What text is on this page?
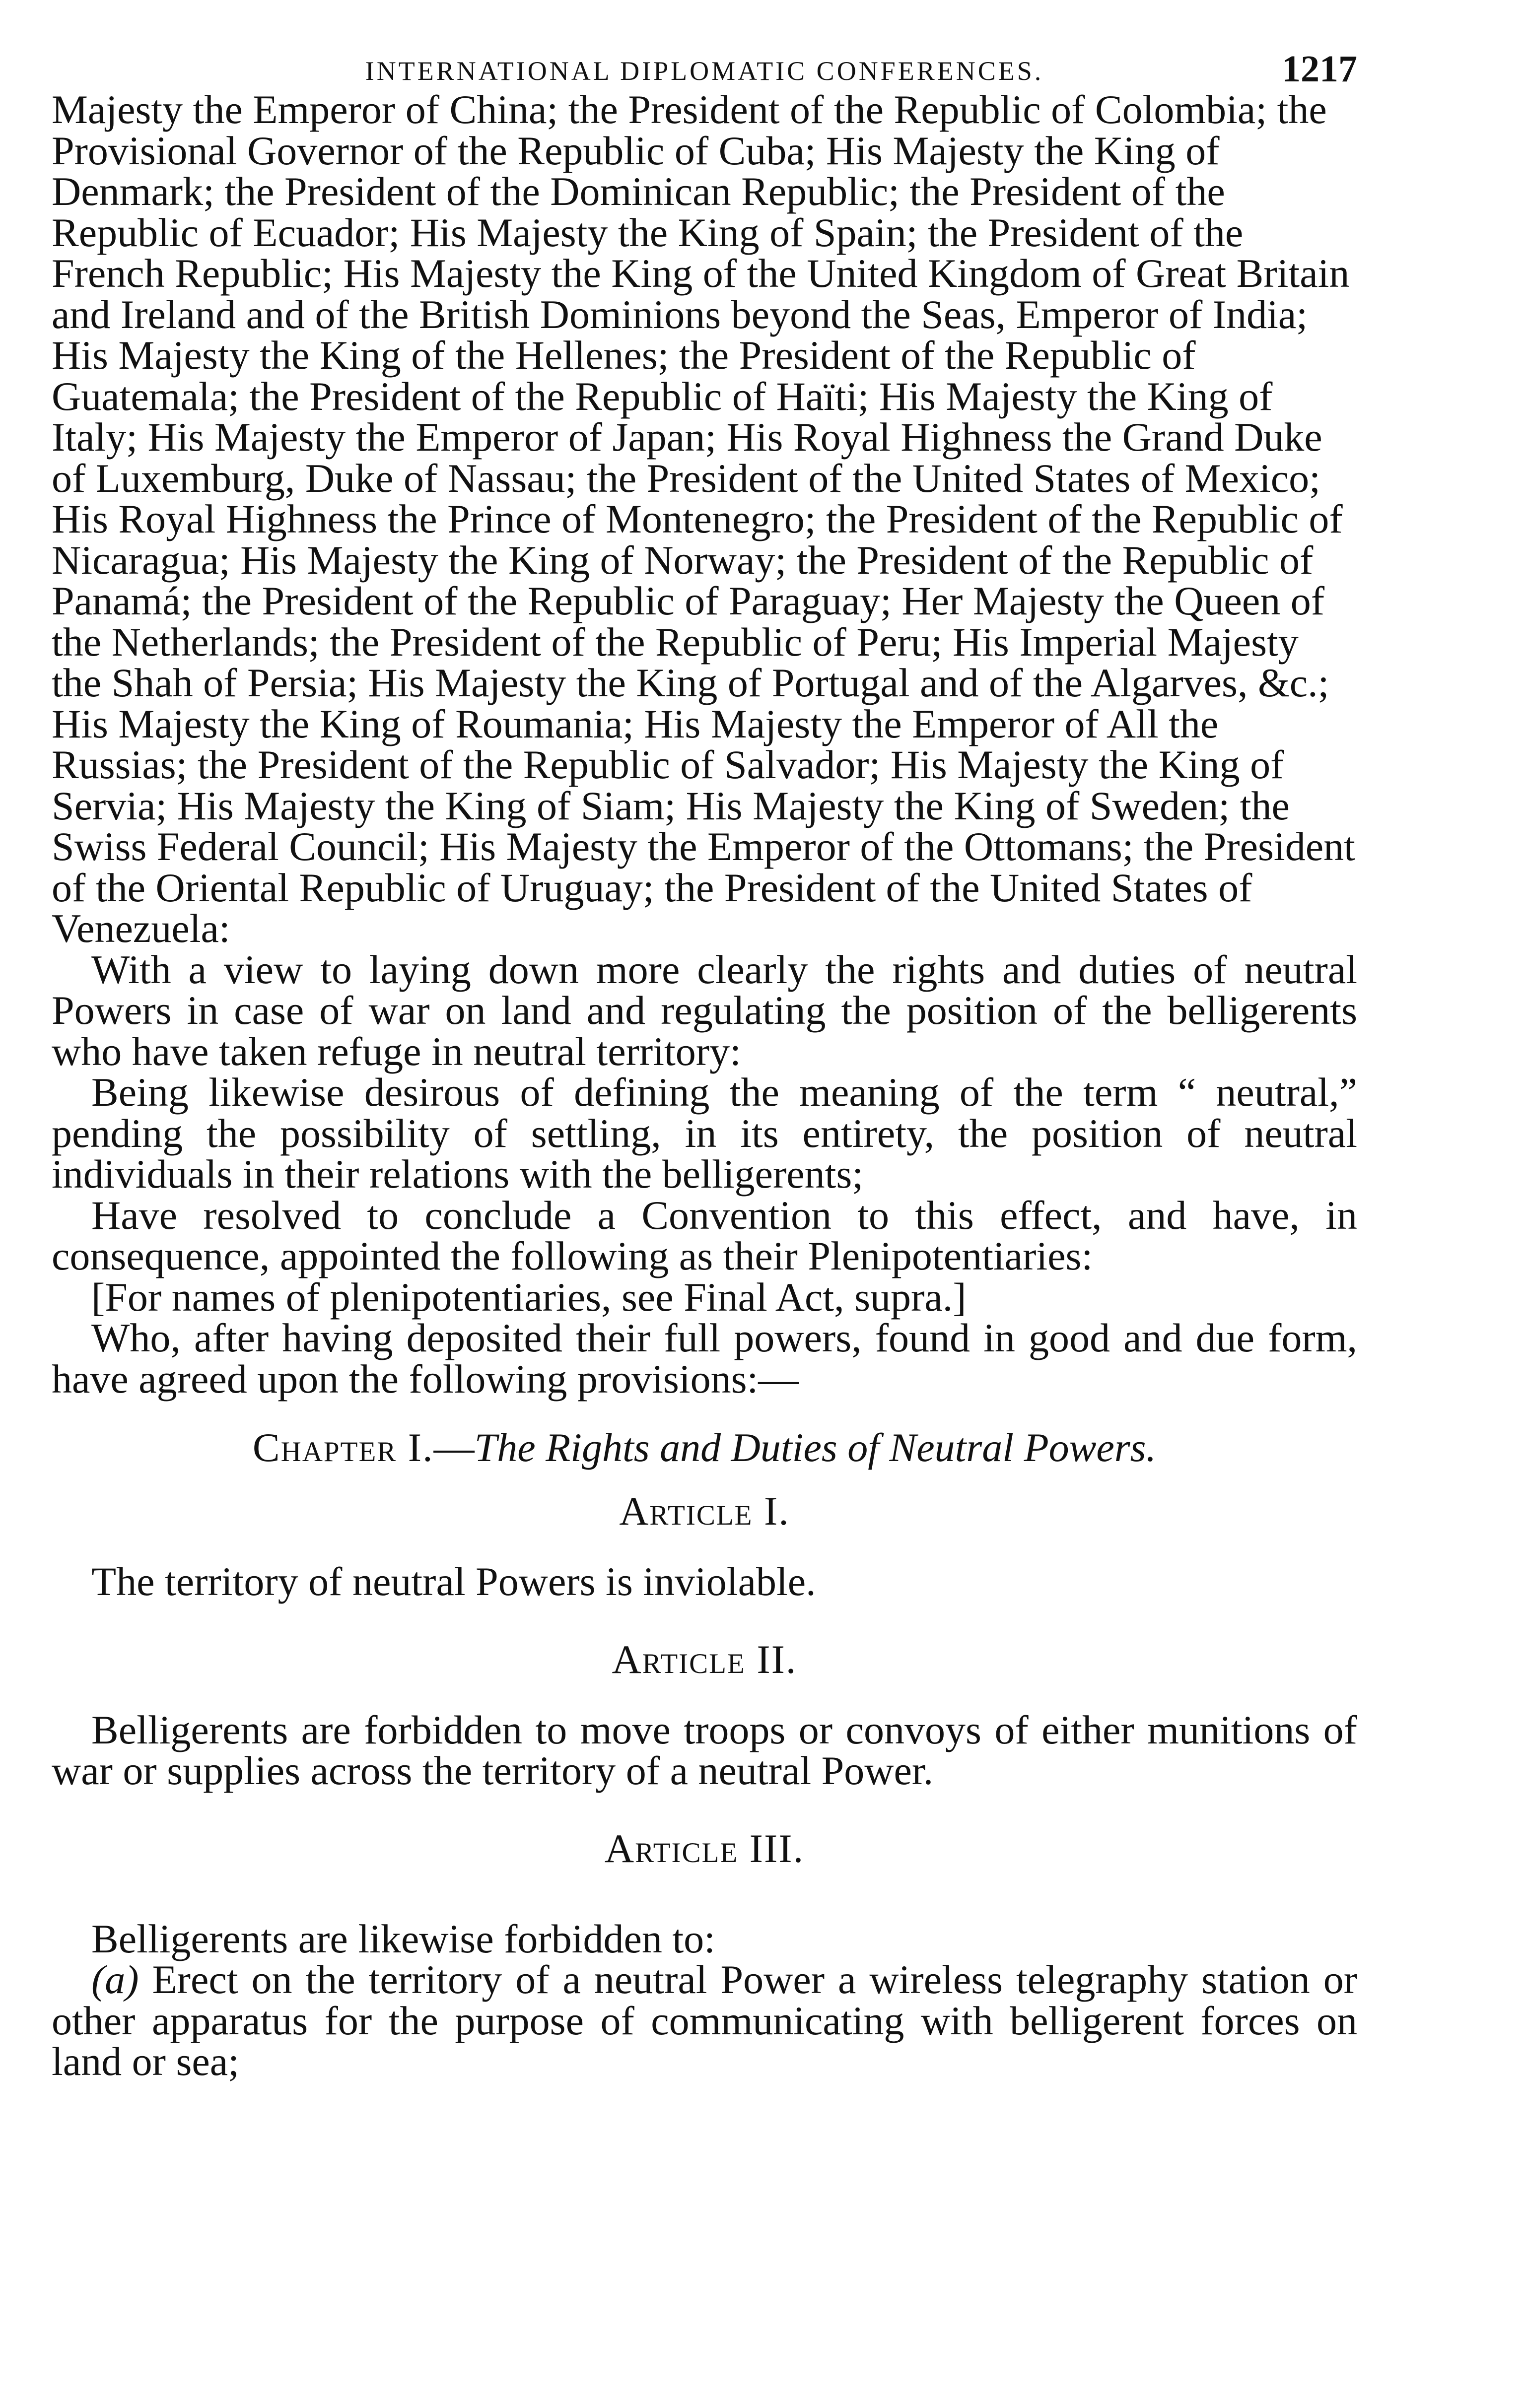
INTERNATIONAL DIPLOMATIC CONFERENCES.	1217

Majesty the Emperor of China; the President of the Republic of Colombia; the Provisional Governor of the Republic of Cuba; His Majesty the King of Denmark; the President of the Dominican Republic; the President of the Republic of Ecuador; His Majesty the King of Spain; the President of the French Republic; His Majesty the King of the United Kingdom of Great Britain and Ireland and of the British Dominions beyond the Seas, Emperor of India; His Majesty the King of the Hellenes; the President of the Republic of Guatemala; the President of the Republic of Haïti; His Majesty the King of Italy; His Majesty the Emperor of Japan; His Royal Highness the Grand Duke of Luxemburg, Duke of Nassau; the President of the United States of Mexico; His Royal Highness the Prince of Montenegro; the President of the Republic of Nicaragua; His Majesty the King of Norway; the President of the Republic of Panamá; the President of the Republic of Paraguay; Her Majesty the Queen of the Netherlands; the President of the Republic of Peru; His Imperial Majesty the Shah of Persia; His Majesty the King of Portugal and of the Algarves, &c.; His Majesty the King of Roumania; His Majesty the Emperor of All the Russias; the President of the Republic of Salvador; His Majesty the King of Servia; His Majesty the King of Siam; His Majesty the King of Sweden; the Swiss Federal Council; His Majesty the Emperor of the Ottomans; the President of the Oriental Republic of Uruguay; the President of the United States of Venezuela:

With a view to laying down more clearly the rights and duties of neutral Powers in case of war on land and regulating the position of the belligerents who have taken refuge in neutral territory:

Being likewise desirous of defining the meaning of the term “ neutral,” pending the possibility of settling, in its entirety, the position of neutral individuals in their relations with the belligerents;

Have resolved to conclude a Convention to this effect, and have, in consequence, appointed the following as their Plenipotentiaries:

[For names of plenipotentiaries, see Final Act, supra.]

Who, after having deposited their full powers, found in good and due form, have agreed upon the following provisions:—

Chapter I.—The Rights and Duties of Neutral Powers.
Article I.

The territory of neutral Powers is inviolable.

Article II.

Belligerents are forbidden to move troops or convoys of either munitions of war or supplies across the territory of a neutral Power.

Article III.

Belligerents are likewise forbidden to:

(a) Erect on the territory of a neutral Power a wireless telegraphy station or other apparatus for the purpose of communicating with belligerent forces on land or sea;
